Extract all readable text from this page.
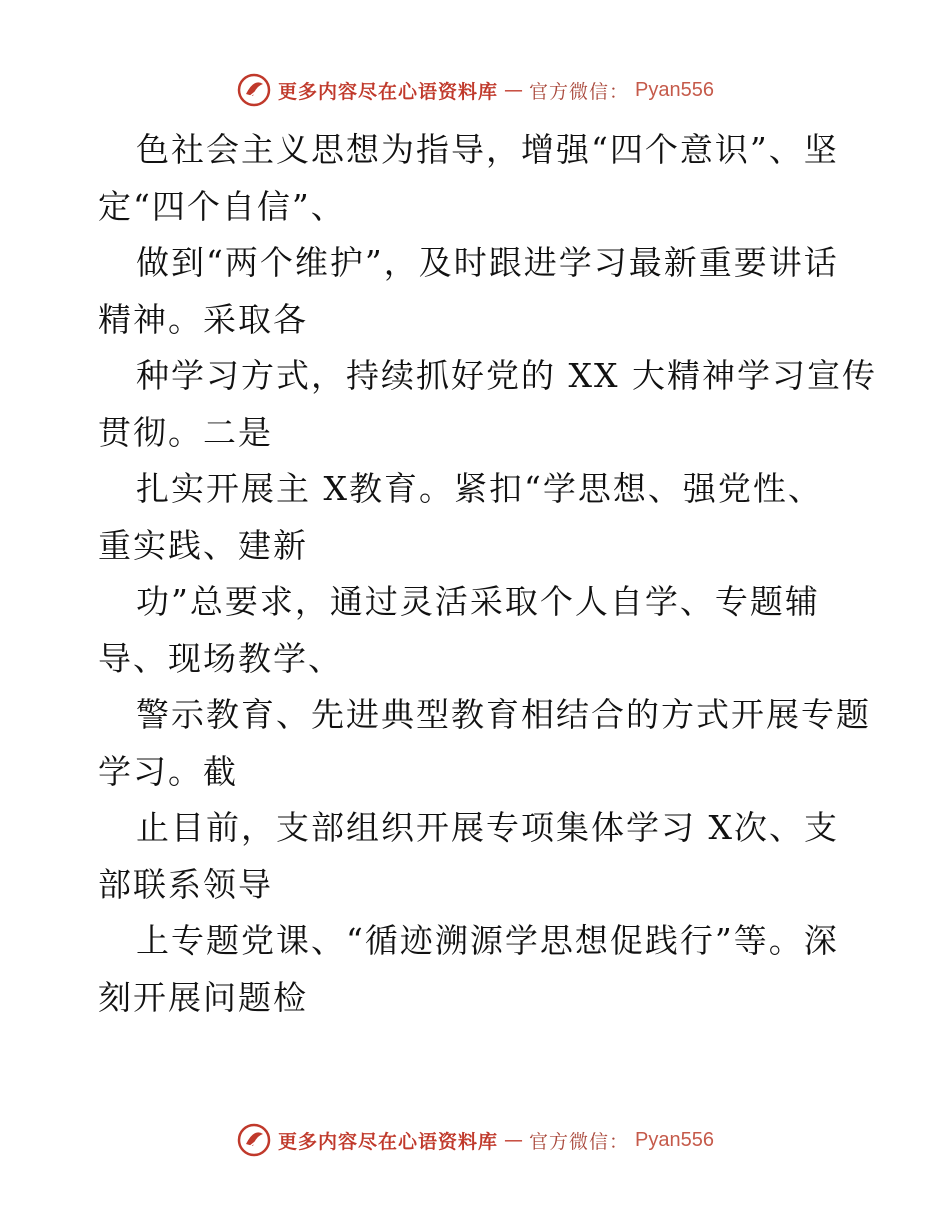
更多内容尽在心语资料库 — 官方微信： Pyan556
色社会主义思想为指导，增强“四个意识”、坚
定“四个自信”、
做到“两个维护”，及时跟进学习最新重要讲话
精神。采取各
种学习方式，持续抓好党的 XX 大精神学习宣传
贯彻。二是
扎实开展主 X教育。紧扣“学思想、强党性、
重实践、建新
功”总要求，通过灵活采取个人自学、专题辅
导、现场教学、
警示教育、先进典型教育相结合的方式开展专题
学习。截
止目前，支部组织开展专项集体学习 X次、支
部联系领导
上专题党课、“循迹溯源学思想促践行”等。深
刻开展问题检
更多内容尽在心语资料库 — 官方微信： Pyan556
